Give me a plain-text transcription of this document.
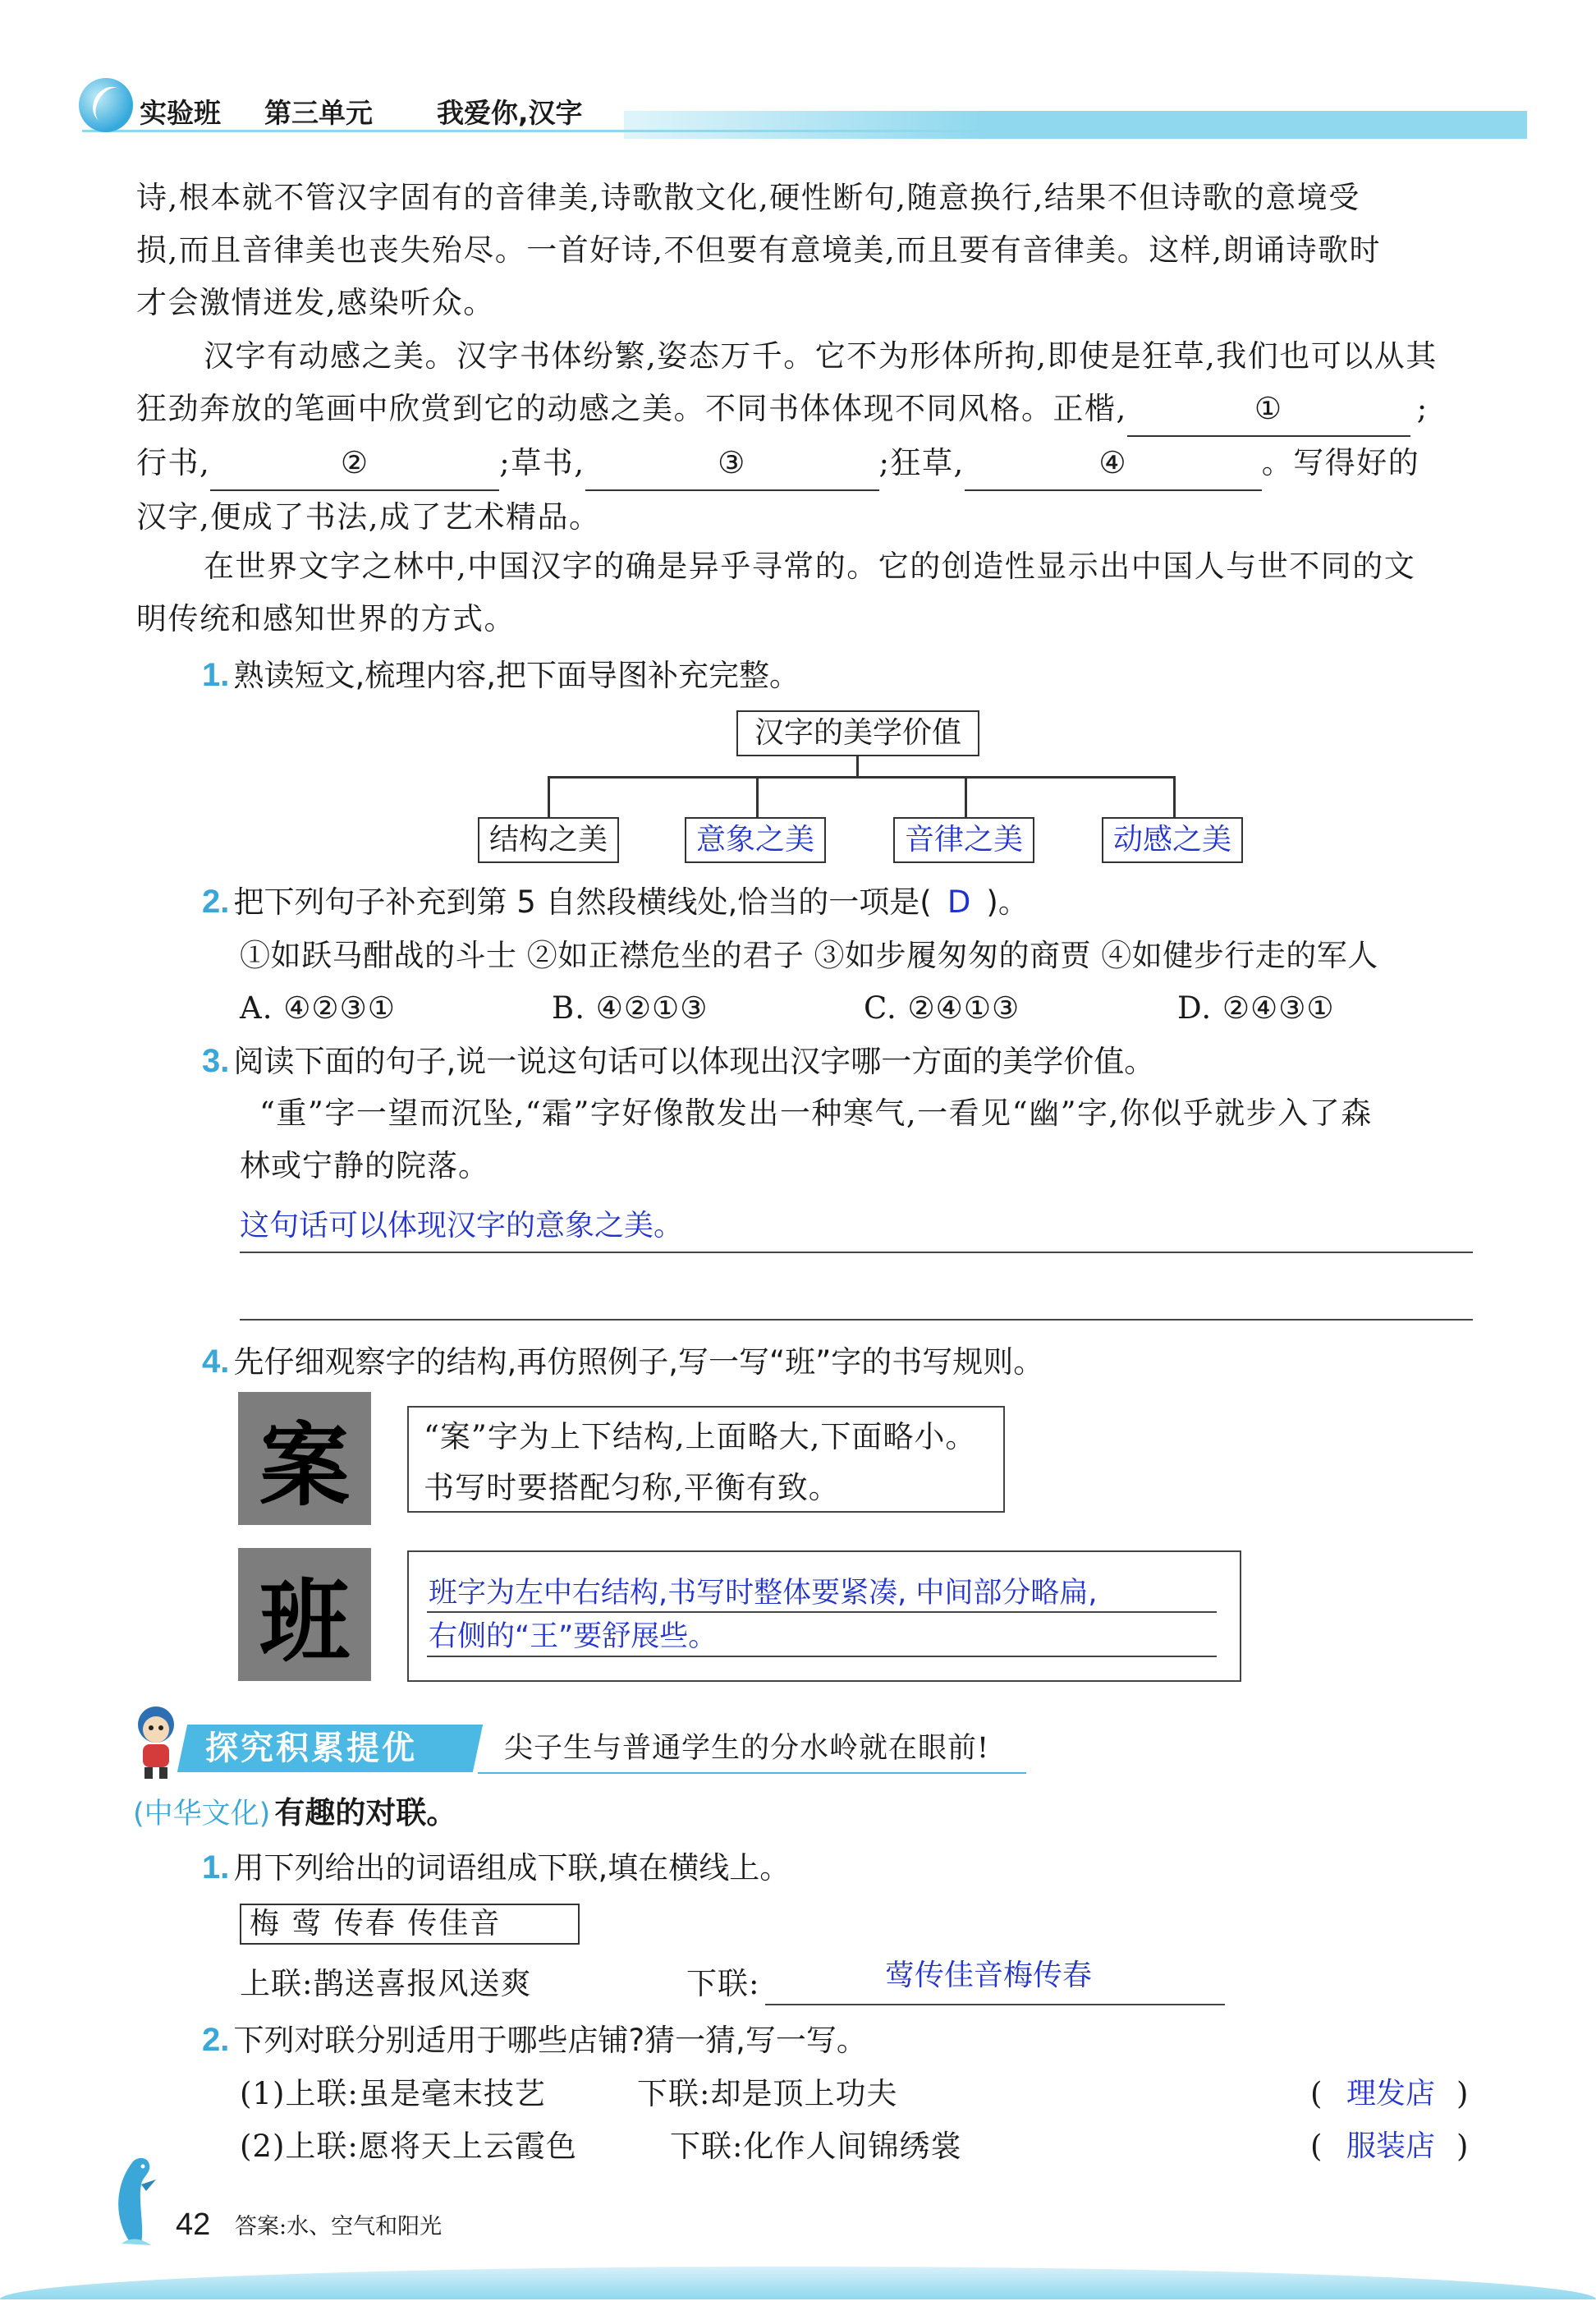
实验班 第三单元 我爱你,汉字
诗,根本就不管汉字固有的音律美,诗歌散文化,硬性断句,随意换行,结果不但诗歌的意境受
损,而且音律美也丧失殆尽。一首好诗,不但要有意境美,而且要有音律美。这样,朗诵诗歌时
才会激情迸发,感染听众。
汉字有动感之美。汉字书体纷繁,姿态万千。它不为形体所拘,即使是狂草,我们也可以从其
狂劲奔放的笔画中欣赏到它的动感之美。不同书体体现不同风格。正楷,	①	;
行书,	②	;草书,	③	;狂草,	④	。写得好的
汉字,便成了书法,成了艺术精品。
在世界文字之林中,中国汉字的确是异乎寻常的。它的创造性显示出中国人与世不同的文
明传统和感知世界的方式。
1. 熟读短文,梳理内容,把下面导图补充完整。
汉字的美学价值
结构之美	意象之美	音律之美	动感之美
2. 把下列句子补充到第 5 自然段横线处,恰当的一项是( D )。
①如跃马酣战的斗士 ②如正襟危坐的君子 ③如步履匆匆的商贾 ④如健步行走的军人
A. ④②③①	B. ④②①③	C. ②④①③	D. ②④③①
3. 阅读下面的句子,说一说这句话可以体现出汉字哪一方面的美学价值。
“重”字一望而沉坠,“霜”字好像散发出一种寒气,一看见“幽”字,你似乎就步入了森
林或宁静的院落。
这句话可以体现汉字的意象之美。
4. 先仔细观察字的结构,再仿照例子,写一写“班”字的书写规则。
案 “案”字为上下结构,上面略大,下面略小。
书写时要搭配匀称,平衡有致。
班	班字为左中右结构,书写时整体要紧凑, 中间部分略扁,
右侧的“王”要舒展些。
探究积累提优	尖子生与普通学生的分水岭就在眼前!
(中华文化) 有趣的对联。
1. 用下列给出的词语组成下联,填在横线上。
梅 莺 传春 传佳音
上联:鹊送喜报风送爽	下联:	莺传佳音梅传春
2. 下列对联分别适用于哪些店铺?猜一猜,写一写。
(1)上联:虽是毫末技艺	下联:却是顶上功夫	( 理发店 )
(2)上联:愿将天上云霞色	下联:化作人间锦绣裳	( 服装店 )
42 答案:水、空气和阳光
